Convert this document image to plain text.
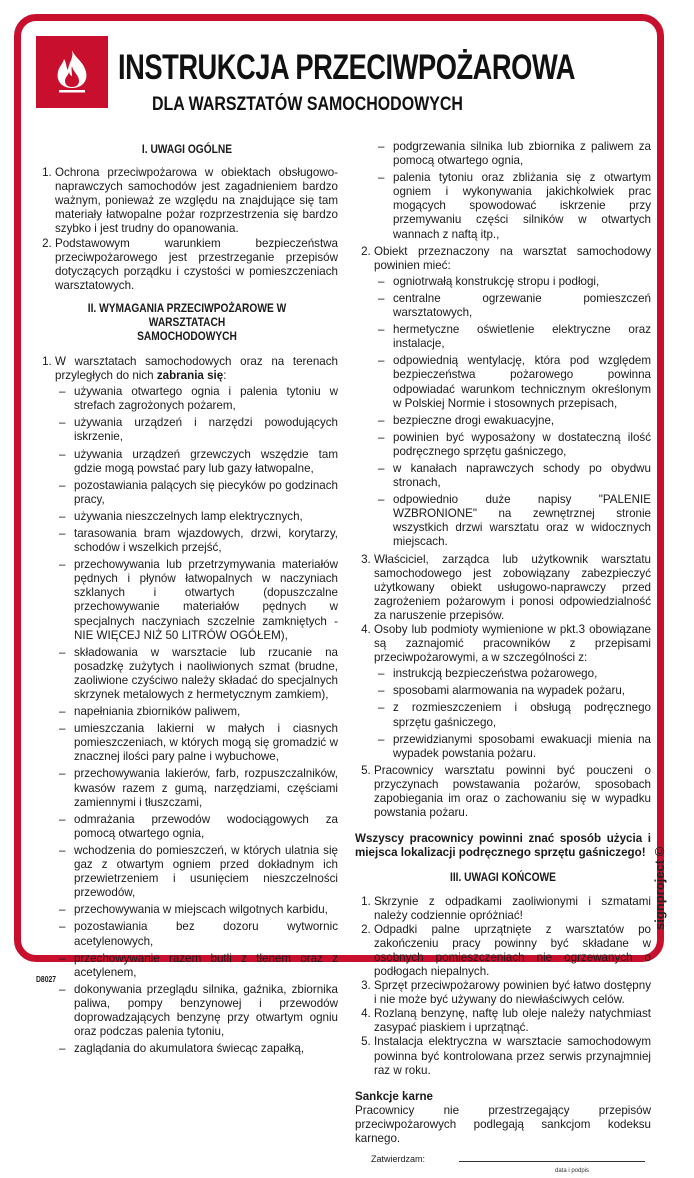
INSTRUKCJA PRZECIWPOŻAROWA
DLA WARSZTATÓW SAMOCHODOWYCH
I. UWAGI OGÓLNE
1. Ochrona przeciwpożarowa w obiektach obsługowo-naprawczych samochodów jest zagadnieniem bardzo ważnym, ponieważ ze względu na znajdujące się tam materiały łatwopalne pożar rozprzestrzenia się bardzo szybko i jest trudny do opanowania.
2. Podstawowym warunkiem bezpieczeństwa przeciwpożarowego jest przestrzeganie przepisów dotyczących porządku i czystości w pomieszczeniach warsztatowych.
II. WYMAGANIA PRZECIWPOŻAROWE W WARSZTATACH
SAMOCHODOWYCH
1. W warsztatach samochodowych oraz na terenach przyległych do nich zabrania się:
– używania otwartego ognia i palenia tytoniu w strefach zagrożonych pożarem,
– używania urządzeń i narzędzi powodujących iskrzenie,
– używania urządzeń grzewczych wszędzie tam gdzie mogą powstać pary lub gazy łatwopalne,
– pozostawiania palących się piecyków po godzinach pracy,
– używania nieszczelnych lamp elektrycznych,
– tarasowania bram wjazdowych, drzwi, korytarzy, schodów i wszelkich przejść,
– przechowywania lub przetrzymywania materiałów pędnych i płynów łatwopalnych w naczyniach szklanych i otwartych (dopuszczalne przechowywanie materiałów pędnych w specjalnych naczyniach szczelnie zamkniętych - NIE WIĘCEJ NIŻ 50 LITRÓW OGÓŁEM),
– składowania w warsztacie lub rzucanie na posadzkę zużytych i naoliwionych szmat (brudne, zaoliwione czyściwo należy składać do specjalnych skrzynek metalowych z hermetycznym zamkiem),
– napełniania zbiorników paliwem,
– umieszczania lakierni w małych i ciasnych pomieszczeniach, w których mogą się gromadzić w znacznej ilości pary palne i wybuchowe,
– przechowywania lakierów, farb, rozpuszczalników, kwasów razem z gumą, narzędziami, częściami zamiennymi i tłuszczami,
– odmrażania przewodów wodociągowych za pomocą otwartego ognia,
– wchodzenia do pomieszczeń, w których ulatnia się gaz z otwartym ogniem przed dokładnym ich przewietrzeniem i usunięciem nieszczelności przewodów,
– przechowywania w miejscach wilgotnych karbidu,
– pozostawiania bez dozoru wytwornic acetylenowych,
– przechowywanie razem butli z tlenem oraz z acetylenem,
– dokonywania przeglądu silnika, gaźnika, zbiornika paliwa, pompy benzynowej i przewodów doprowadzających benzynę przy otwartym ogniu oraz podczas palenia tytoniu,
– zaglądania do akumulatora świecąc zapałką,
– podgrzewania silnika lub zbiornika z paliwem za pomocą otwartego ognia,
– palenia tytoniu oraz zbliżania się z otwartym ogniem i wykonywania jakichkolwiek prac mogących spowodować iskrzenie przy przemywaniu części silników w otwartych wannach z naftą itp.,
2. Obiekt przeznaczony na warsztat samochodowy powinien mieć:
– ogniotrwałą konstrukcję stropu i podłogi,
– centralne ogrzewanie pomieszczeń warsztatowych,
– hermetyczne oświetlenie elektryczne oraz instalacje,
– odpowiednią wentylację, która pod względem bezpieczeństwa pożarowego powinna odpowiadać warunkom technicznym określonym w Polskiej Normie i stosownych przepisach,
– bezpieczne drogi ewakuacyjne,
– powinien być wyposażony w dostateczną ilość podręcznego sprzętu gaśniczego,
– w kanałach naprawczych schody po obydwu stronach,
– odpowiednio duże napisy "PALENIE WZBRONIONE" na zewnętrznej stronie wszystkich drzwi warsztatu oraz w widocznych miejscach.
3. Właściciel, zarządca lub użytkownik warsztatu samochodowego jest zobowiązany zabezpieczyć użytkowany obiekt usługowo-naprawczy przed zagrożeniem pożarowym i ponosi odpowiedzialność za naruszenie przepisów.
4. Osoby lub podmioty wymienione w pkt.3 obowiązane są zaznajomić pracowników z przepisami przeciwpożarowymi, a w szczególności z:
– instrukcją bezpieczeństwa pożarowego,
– sposobami alarmowania na wypadek pożaru,
– z rozmieszczeniem i obsługą podręcznego sprzętu gaśniczego,
– przewidzianymi sposobami ewakuacji mienia na wypadek powstania pożaru.
5. Pracownicy warsztatu powinni być pouczeni o przyczynach powstawania pożarów, sposobach zapobiegania im oraz o zachowaniu się w wypadku powstania pożaru.
Wszyscy pracownicy powinni znać sposób użycia i miejsca lokalizacji podręcznego sprzętu gaśniczego!
III. UWAGI KOŃCOWE
1. Skrzynie z odpadkami zaoliwionymi i szmatami należy codziennie opróżniać!
2. Odpadki palne uprzątnięte z warsztatów po zakończeniu pracy powinny być składane w osobnych pomieszczeniach nie ogrzewanych o podłogach niepalnych.
3. Sprzęt przeciwpożarowy powinien być łatwo dostępny i nie może być używany do niewłaściwych celów.
4. Rozlaną benzynę, naftę lub oleje należy natychmiast zasypać piaskiem i uprzątnąć.
5. Instalacja elektryczna w warsztacie samochodowym powinna być kontrolowana przez serwis przynajmniej raz w roku.
Sankcje karne
Pracownicy nie przestrzegający przepisów przeciwpożarowych podlegają sankcjom kodeksu karnego.
Zatwierdzam:
data i podpis
signproject ©
D8027
